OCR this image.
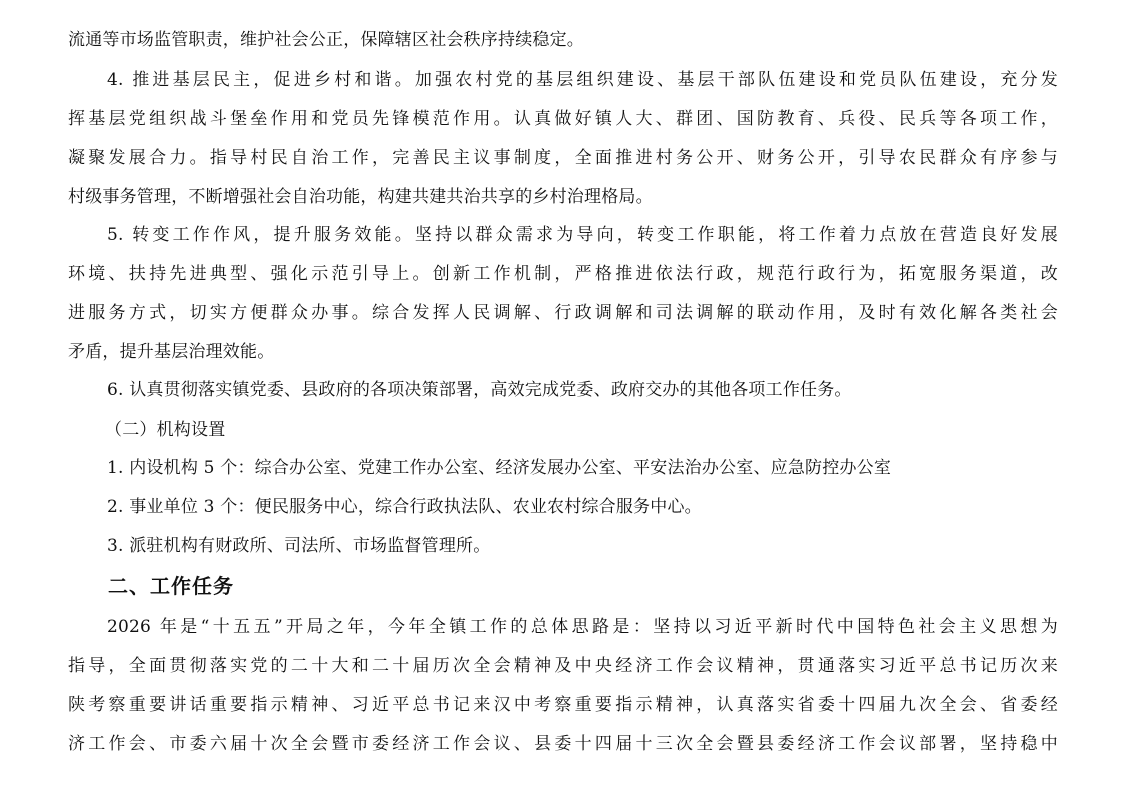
流通等市场监管职责，维护社会公正，保障辖区社会秩序持续稳定。
4. 推进基层民主，促进乡村和谐。加强农村党的基层组织建设、基层干部队伍建设和党员队伍建设，充分发
挥基层党组织战斗堡垒作用和党员先锋模范作用。认真做好镇人大、群团、国防教育、兵役、民兵等各项工作，
凝聚发展合力。指导村民自治工作，完善民主议事制度，全面推进村务公开、财务公开，引导农民群众有序参与
村级事务管理，不断增强社会自治功能，构建共建共治共享的乡村治理格局。
5. 转变工作作风，提升服务效能。坚持以群众需求为导向，转变工作职能，将工作着力点放在营造良好发展
环境、扶持先进典型、强化示范引导上。创新工作机制，严格推进依法行政，规范行政行为，拓宽服务渠道，改
进服务方式，切实方便群众办事。综合发挥人民调解、行政调解和司法调解的联动作用，及时有效化解各类社会
矛盾，提升基层治理效能。
6. 认真贯彻落实镇党委、县政府的各项决策部署，高效完成党委、政府交办的其他各项工作任务。
（二）机构设置
1. 内设机构 5 个：综合办公室、党建工作办公室、经济发展办公室、平安法治办公室、应急防控办公室
2. 事业单位 3 个：便民服务中心，综合行政执法队、农业农村综合服务中心。
3. 派驻机构有财政所、司法所、市场监督管理所。
二、工作任务
2026 年是“十五五”开局之年，今年全镇工作的总体思路是：坚持以习近平新时代中国特色社会主义思想为
指导，全面贯彻落实党的二十大和二十届历次全会精神及中央经济工作会议精神，贯通落实习近平总书记历次来
陕考察重要讲话重要指示精神、习近平总书记来汉中考察重要指示精神，认真落实省委十四届九次全会、省委经
济工作会、市委六届十次全会暨市委经济工作会议、县委十四届十三次全会暨县委经济工作会议部署，坚持稳中
